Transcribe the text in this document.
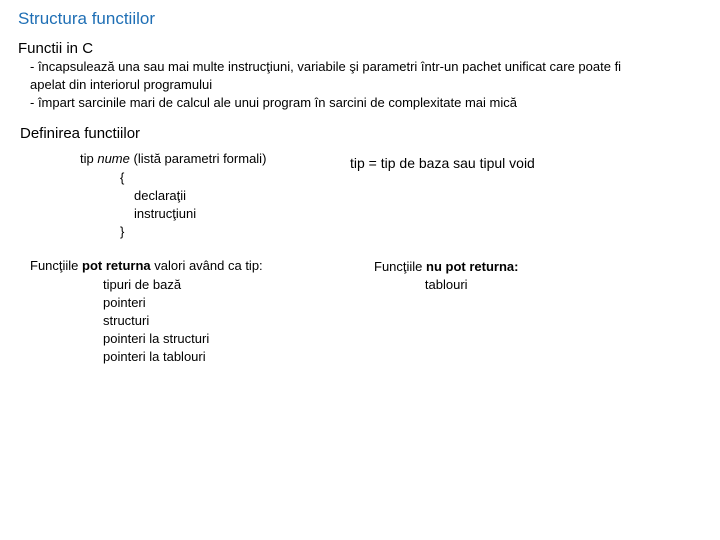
Structura functiilor
Functii in C
- încapsulează una sau mai multe instrucţiuni, variabile şi parametri într-un pachet unificat care poate fi
apelat din interiorul programului
- împart sarcinile mari de calcul ale unui program în sarcini de complexitate mai mică
Definirea functiilor
tip nume (listă parametri formali)
{
declaraţii
instrucţiuni
}
tip = tip de baza sau tipul void
Funcţiile pot returna valori având ca tip:
tipuri de bază
pointeri
structuri
pointeri la structuri
pointeri la tablouri
Funcţiile nu pot returna:
tablouri
